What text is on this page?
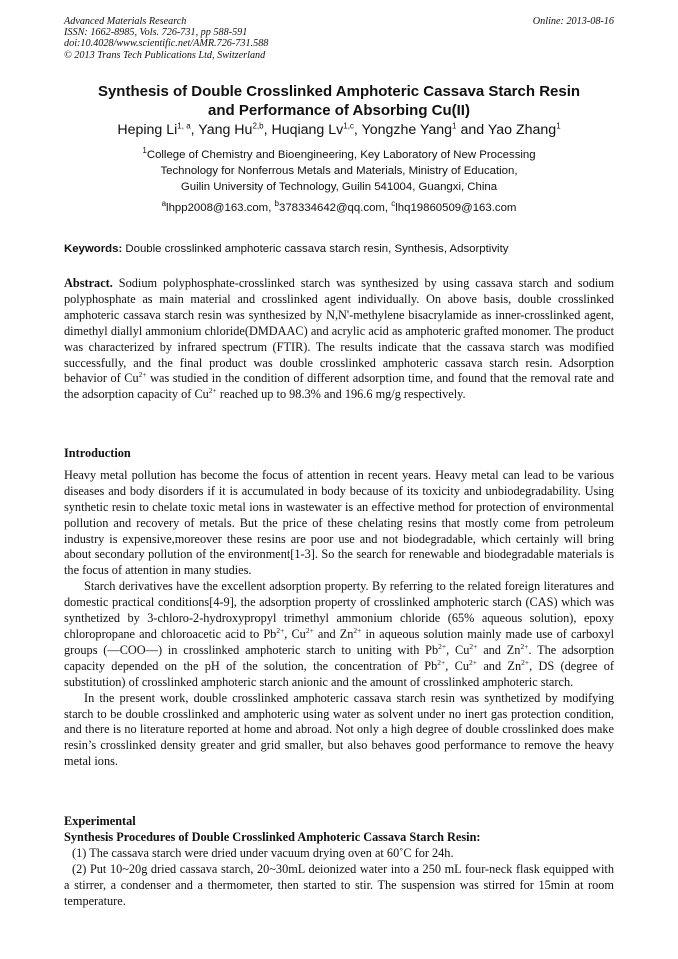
Advanced Materials Research
ISSN: 1662-8985, Vols. 726-731, pp 588-591
doi:10.4028/www.scientific.net/AMR.726-731.588
© 2013 Trans Tech Publications Ltd, Switzerland
Online: 2013-08-16
Synthesis of Double Crosslinked Amphoteric Cassava Starch Resin
and Performance of Absorbing Cu(II)
Heping Li$^{1, a}$, Yang Hu$^{2,b}$, Huqiang Lv$^{1,c}$, Yongzhe Yang$^1$ and Yao Zhang$^1$
$^1$College of Chemistry and Bioengineering, Key Laboratory of New Processing
Technology for Nonferrous Metals and Materials, Ministry of Education,
Guilin University of Technology, Guilin 541004, Guangxi, China
$^a$lhpp2008@163.com, $^b$378334642@qq.com, $^c$lhq19860509@163.com
Keywords: Double crosslinked amphoteric cassava starch resin, Synthesis, Adsorptivity
Abstract. Sodium polyphosphate-crosslinked starch was synthesized by using cassava starch and sodium polyphosphate as main material and crosslinked agent individually. On above basis, double crosslinked amphoteric cassava starch resin was synthesized by N,N'-methylene bisacrylamide as inner-crosslinked agent, dimethyl diallyl ammonium chloride(DMDAAC) and acrylic acid as amphoteric grafted monomer. The product was characterized by infrared spectrum (FTIR). The results indicate that the cassava starch was modified successfully, and the final product was double crosslinked amphoteric cassava starch resin. Adsorption behavior of $Cu^{2+}$ was studied in the condition of different adsorption time, and found that the removal rate and the adsorption capacity of $Cu^{2+}$ reached up to 98.3% and 196.6 mg/g respectively.
Introduction

Heavy metal pollution has become the focus of attention in recent years. Heavy metal can lead to be various diseases and body disorders if it is accumulated in body because of its toxicity and unbiodegradability. Using synthetic resin to chelate toxic metal ions in wastewater is an effective method for protection of environmental pollution and recovery of metals. But the price of these chelating resins that mostly come from petroleum industry is expensive,moreover these resins are poor use and not biodegradable, which certainly will bring about secondary pollution of the environment[1-3]. So the search for renewable and biodegradable materials is the focus of attention in many studies.

Starch derivatives have the excellent adsorption property. By referring to the related foreign literatures and domestic practical conditions[4-9], the adsorption property of crosslinked amphoteric starch (CAS) which was synthetized by 3-chloro-2-hydroxypropyl trimethyl ammonium chloride (65% aqueous solution), epoxy chloropropane and chloroacetic acid to $Pb^{2+}$, $Cu^{2+}$ and $Zn^{2+}$ in aqueous solution mainly made use of carboxyl groups (—COO—) in crosslinked amphoteric starch to uniting with $Pb^{2+}$, $Cu^{2+}$ and $Zn^{2+}$. The adsorption capacity depended on the pH of the solution, the concentration of $Pb^{2+}$, $Cu^{2+}$ and $Zn^{2+}$, DS (degree of substitution) of crosslinked amphoteric starch anionic and the amount of crosslinked amphoteric starch.

In the present work, double crosslinked amphoteric cassava starch resin was synthetized by modifying starch to be double crosslinked and amphoteric using water as solvent under no inert gas protection condition, and there is no literature reported at home and abroad. Not only a high degree of double crosslinked does make resin’s crosslinked density greater and grid smaller, but also behaves good performance to remove the heavy metal ions.

Experimental
Synthesis Procedures of Double Crosslinked Amphoteric Cassava Starch Resin:

(1) The cassava starch were dried under vacuum drying oven at 60˚C for 24h.

(2) Put 10~20g dried cassava starch, 20~30mL deionized water into a 250 mL four-neck flask equipped with a stirrer, a condenser and a thermometer, then started to stir. The suspension was stirred for 15min at room temperature.
